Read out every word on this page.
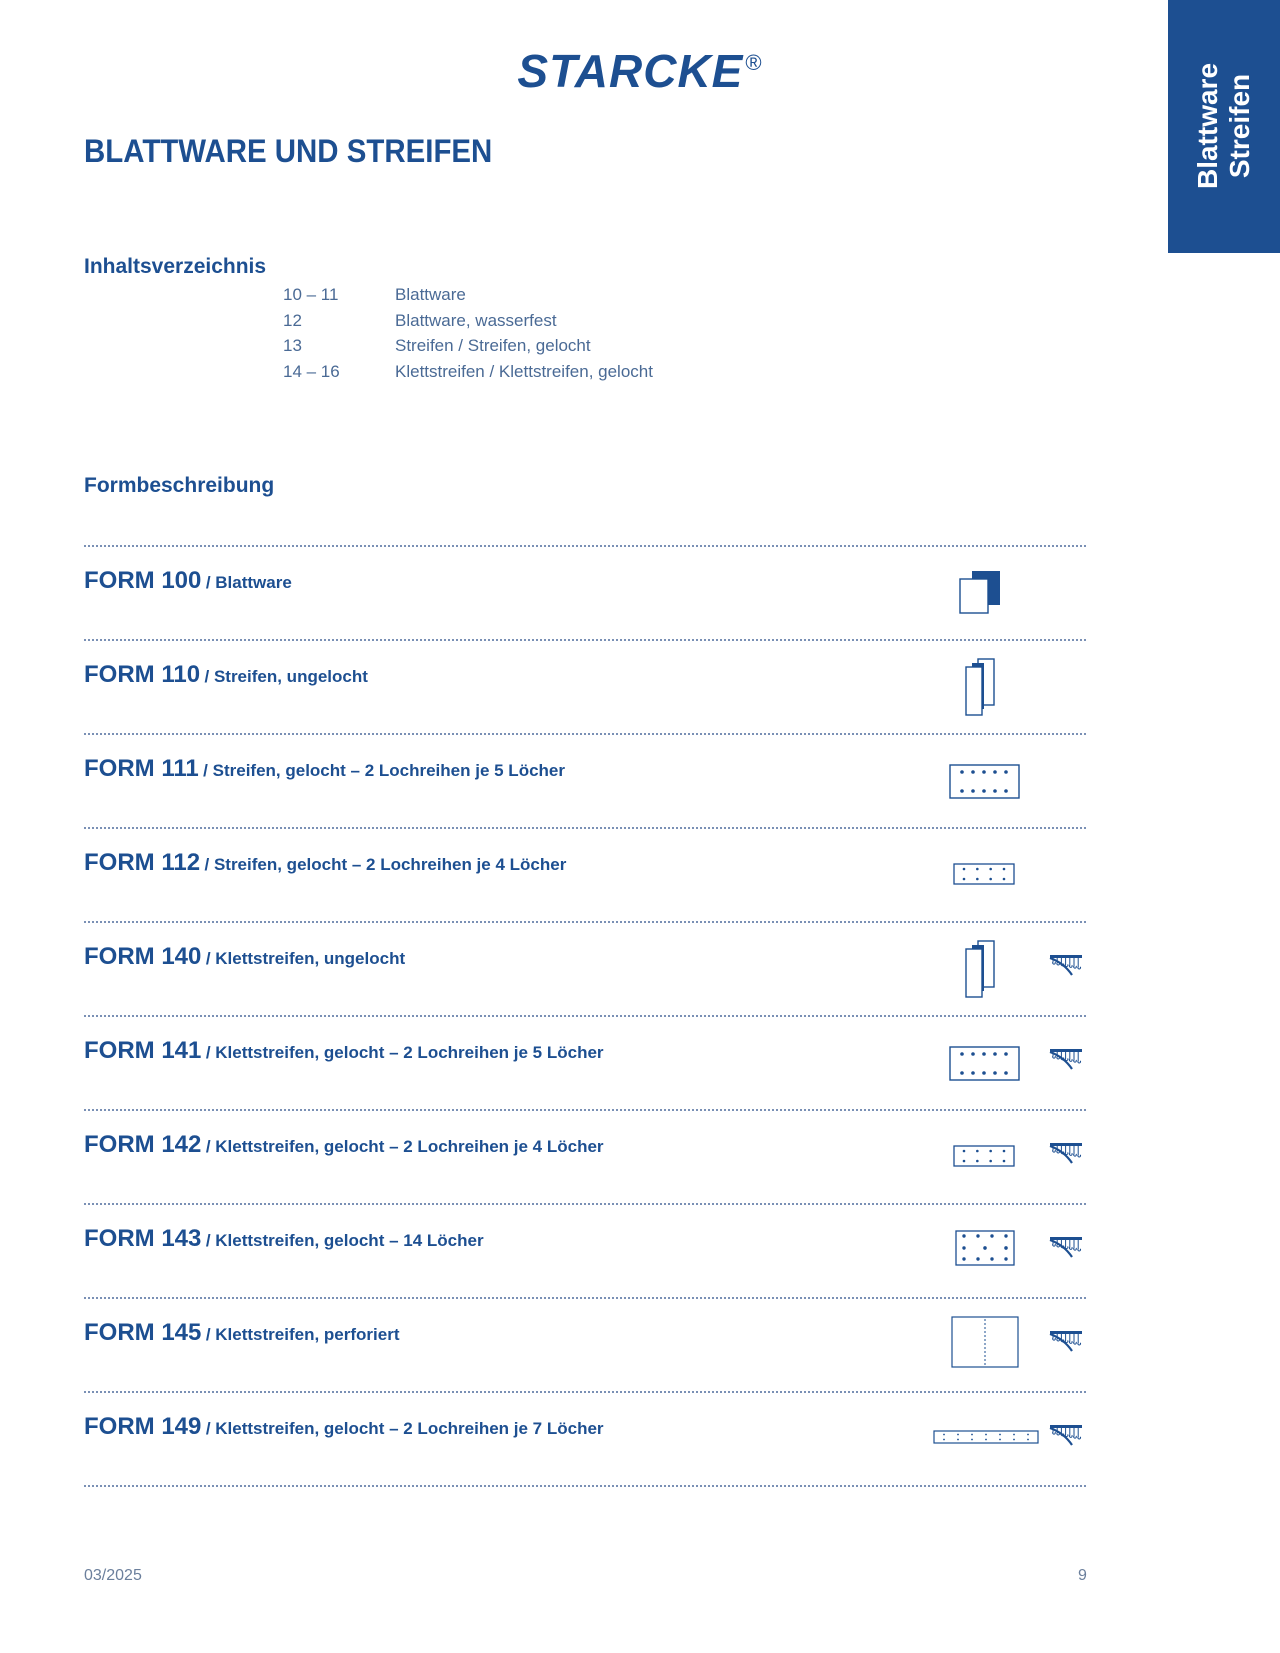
STARCKE®
Blattware Streifen
BLATTWARE UND STREIFEN
Inhaltsverzeichnis
10 – 11	Blattware
12	Blattware, wasserfest
13	Streifen / Streifen, gelocht
14 – 16	Klettstreifen / Klettstreifen, gelocht
Formbeschreibung
FORM 100 / Blattware
FORM 110 / Streifen, ungelocht
FORM 111 / Streifen, gelocht – 2 Lochreihen je 5 Löcher
FORM 112 / Streifen, gelocht – 2 Lochreihen je 4 Löcher
FORM 140 / Klettstreifen, ungelocht
FORM 141 / Klettstreifen, gelocht – 2 Lochreihen je 5 Löcher
FORM 142 / Klettstreifen, gelocht – 2 Lochreihen je 4 Löcher
FORM 143 / Klettstreifen, gelocht – 14 Löcher
FORM 145 / Klettstreifen, perforiert
FORM 149 / Klettstreifen, gelocht – 2 Lochreihen je 7 Löcher
03/2025	9
